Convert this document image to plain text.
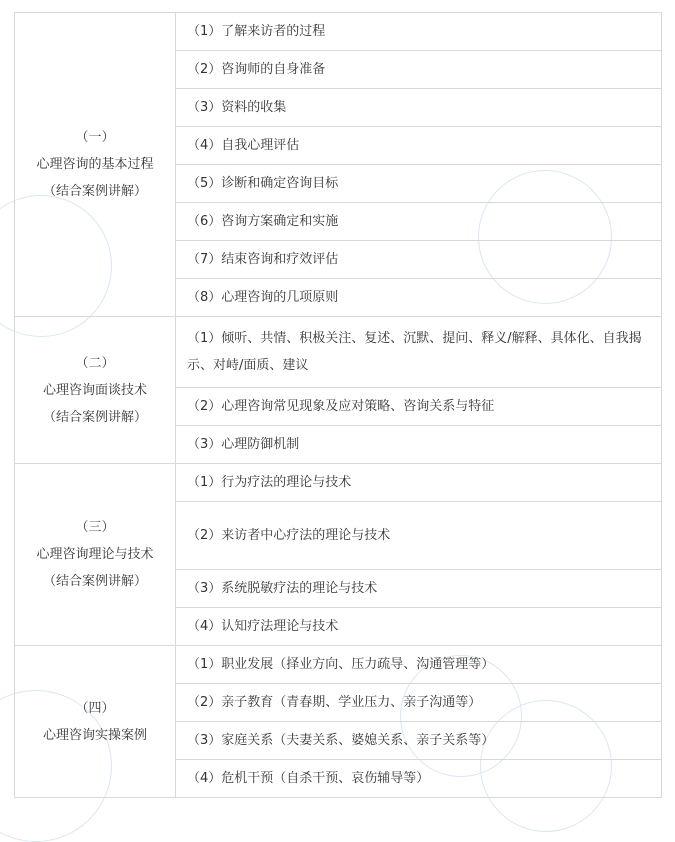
（一）
心理咨询的基本过程（结合案例讲解）	（1）了解来访者的过程
	（2）咨询师的自身准备
	（3）资料的收集
	（4）自我心理评估
	（5）诊断和确定咨询目标
	（6）咨询方案确定和实施
	（7）结束咨询和疗效评估
	（8）心理咨询的几项原则

（二）
心理咨询面谈技术（结合案例讲解）	（1）倾听、共情、积极关注、复述、沉默、提问、释义/解释、具体化、自我揭示、对峙/面质、建议
	（2）心理咨询常见现象及应对策略、咨询关系与特征
	（3）心理防御机制

（三）
心理咨询理论与技术（结合案例讲解）	（1）行为疗法的理论与技术
	（2）来访者中心疗法的理论与技术
	（3）系统脱敏疗法的理论与技术
	（4）认知疗法理论与技术

（四）
心理咨询实操案例	（1）职业发展（择业方向、压力疏导、沟通管理等）
	（2）亲子教育（青春期、学业压力、亲子沟通等）
	（3）家庭关系（夫妻关系、婆媳关系、亲子关系等）
	（4）危机干预（自杀干预、哀伤辅导等）
